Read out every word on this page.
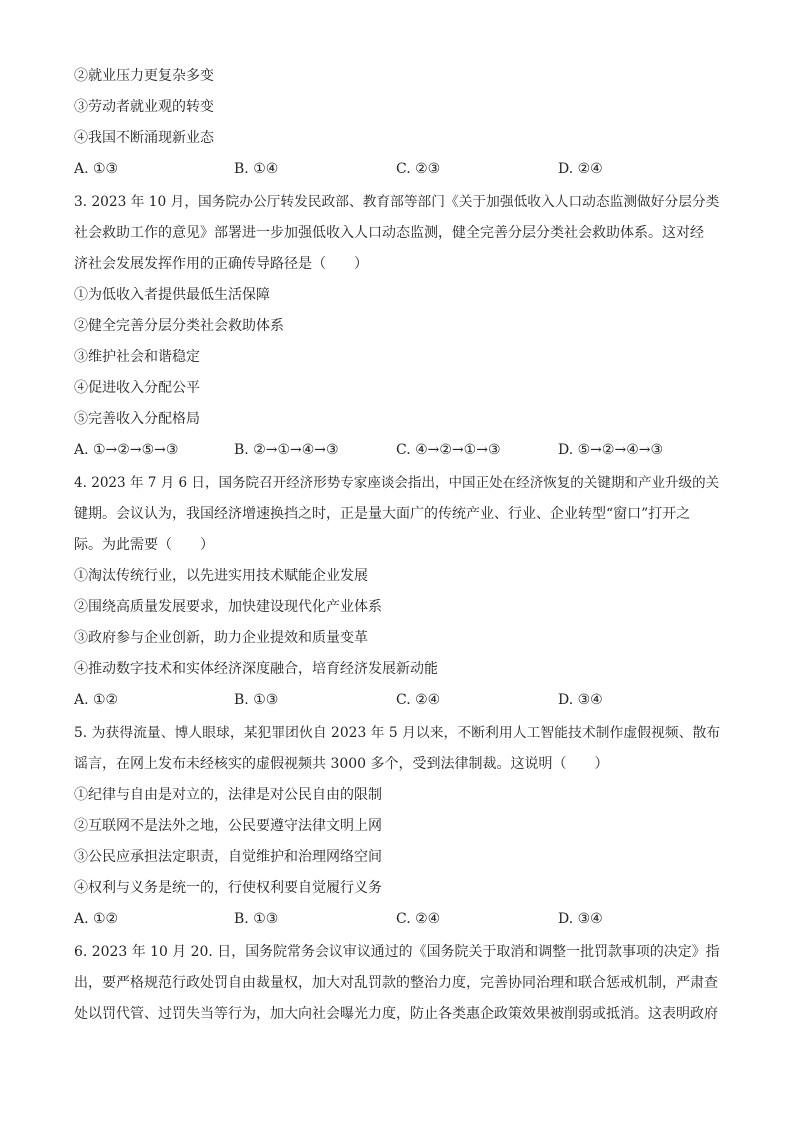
②就业压力更复杂多变
③劳动者就业观的转变
④我国不断涌现新业态
A. ①③	B. ①④	C. ②③	D. ②④
3. 2023 年 10 月，国务院办公厅转发民政部、教育部等部门《关于加强低收入人口动态监测做好分层分类
社会救助工作的意见》部署进一步加强低收入人口动态监测，健全完善分层分类社会救助体系。这对经
济社会发展发挥作用的正确传导路径是（　　）
①为低收入者提供最低生活保障
②健全完善分层分类社会救助体系
③维护社会和谐稳定
④促进收入分配公平
⑤完善收入分配格局
A. ①→②→⑤→③	B. ②→①→④→③	C. ④→②→①→③	D. ⑤→②→④→③
4. 2023 年 7 月 6 日，国务院召开经济形势专家座谈会指出，中国正处在经济恢复的关键期和产业升级的关
键期。会议认为，我国经济增速换挡之时，正是量大面广的传统产业、行业、企业转型“窗口”打开之
际。为此需要（　　）
①淘汰传统行业，以先进实用技术赋能企业发展
②围绕高质量发展要求，加快建设现代化产业体系
③政府参与企业创新，助力企业提效和质量变革
④推动数字技术和实体经济深度融合，培育经济发展新动能
A. ①②	B. ①③	C. ②④	D. ③④
5. 为获得流量、博人眼球，某犯罪团伙自 2023 年 5 月以来，不断利用人工智能技术制作虚假视频、散布
谣言，在网上发布未经核实的虚假视频共 3000 多个，受到法律制裁。这说明（　　）
①纪律与自由是对立的，法律是对公民自由的限制
②互联网不是法外之地，公民要遵守法律文明上网
③公民应承担法定职责，自觉维护和治理网络空间
④权利与义务是统一的，行使权利要自觉履行义务
A. ①②	B. ①③	C. ②④	D. ③④
6. 2023 年 10 月 20. 日，国务院常务会议审议通过的《国务院关于取消和调整一批罚款事项的决定》指
出，要严格规范行政处罚自由裁量权，加大对乱罚款的整治力度，完善协同治理和联合惩戒机制，严肃查
处以罚代管、过罚失当等行为，加大向社会曝光力度，防止各类惠企政策效果被削弱或抵消。这表明政府
